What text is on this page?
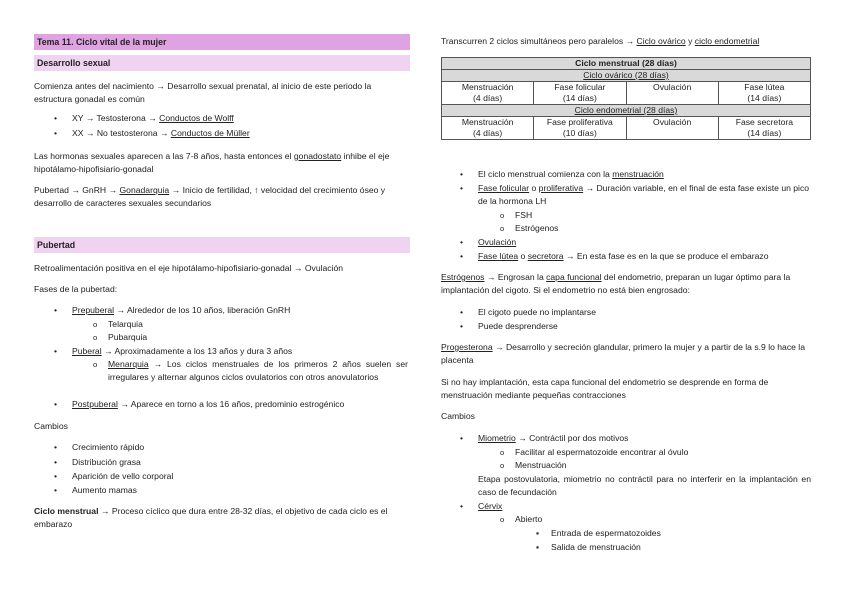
Tema 11. Ciclo vital de la mujer
Desarrollo sexual
Comienza antes del nacimiento → Desarrollo sexual prenatal, al inicio de este periodo la estructura gonadal es común
• XY → Testosterona → Conductos de Wolff
• XX → No testosterona → Conductos de Müller
Las hormonas sexuales aparecen a las 7-8 años, hasta entonces el gonadostato inhibe el eje hipotálamo-hipofisiario-gonadal
Pubertad → GnRH → Gonadarquia → Inicio de fertilidad, ↑ velocidad del crecimiento óseo y desarrollo de caracteres sexuales secundarios
Pubertad
Retroalimentación positiva en el eje hipotálamo-hipofisiario-gonadal → Ovulación
Fases de la pubertad:
• Prepuberal → Alrededor de los 10 años, liberación GnRH
o Telarquia
o Pubarquia
• Puberal → Aproximadamente a los 13 años y dura 3 años
o Menarquia → Los ciclos menstruales de los primeros 2 años suelen ser irregulares y alternar algunos ciclos ovulatorios con otros anovulatorios
• Postpuberal → Aparece en torno a los 16 años, predominio estrogénico
Cambios
• Crecimiento rápido
• Distribución grasa
• Aparición de vello corporal
• Aumento mamas
Ciclo menstrual → Proceso cíclico que dura entre 28-32 días, el objetivo de cada ciclo es el embarazo
Transcurren 2 ciclos simultáneos pero paralelos → Ciclo ovárico y ciclo endometrial
Ciclo menstrual (28 días)			
Ciclo ovárico (28 días)			
Menstruación
(4 días)	Fase folicular
(14 días)	Ovulación	Fase lútea
(14 días)
Ciclo endometrial (28 días)			
Menstruación
(4 días)	Fase proliferativa
(10 días)	Ovulación	Fase secretora
(14 días)
• El ciclo menstrual comienza con la menstruación
• Fase folicular o proliferativa → Duración variable, en el final de esta fase existe un pico de la hormona LH
o FSH
o Estrógenos
• Ovulación
• Fase lútea o secretora → En esta fase es en la que se produce el embarazo
Estrógenos → Engrosan la capa funcional del endometrio, preparan un lugar óptimo para la implantación del cigoto. Si el endometrio no está bien engrosado:
• El cigoto puede no implantarse
• Puede desprenderse
Progesterona → Desarrollo y secreción glandular, primero la mujer y a partir de la s.9 lo hace la placenta
Si no hay implantación, esta capa funcional del endometrio se desprende en forma de menstruación mediante pequeñas contracciones
Cambios
• Miometrio → Contráctil por dos motivos
o Facilitar al espermatozoide encontrar al óvulo
o Menstruación
Etapa postovulatoria, miometrio no contráctil para no interferir en la implantación en caso de fecundación
• Cérvix
o Abierto
▪ Entrada de espermatozoides
▪ Salida de menstruación
